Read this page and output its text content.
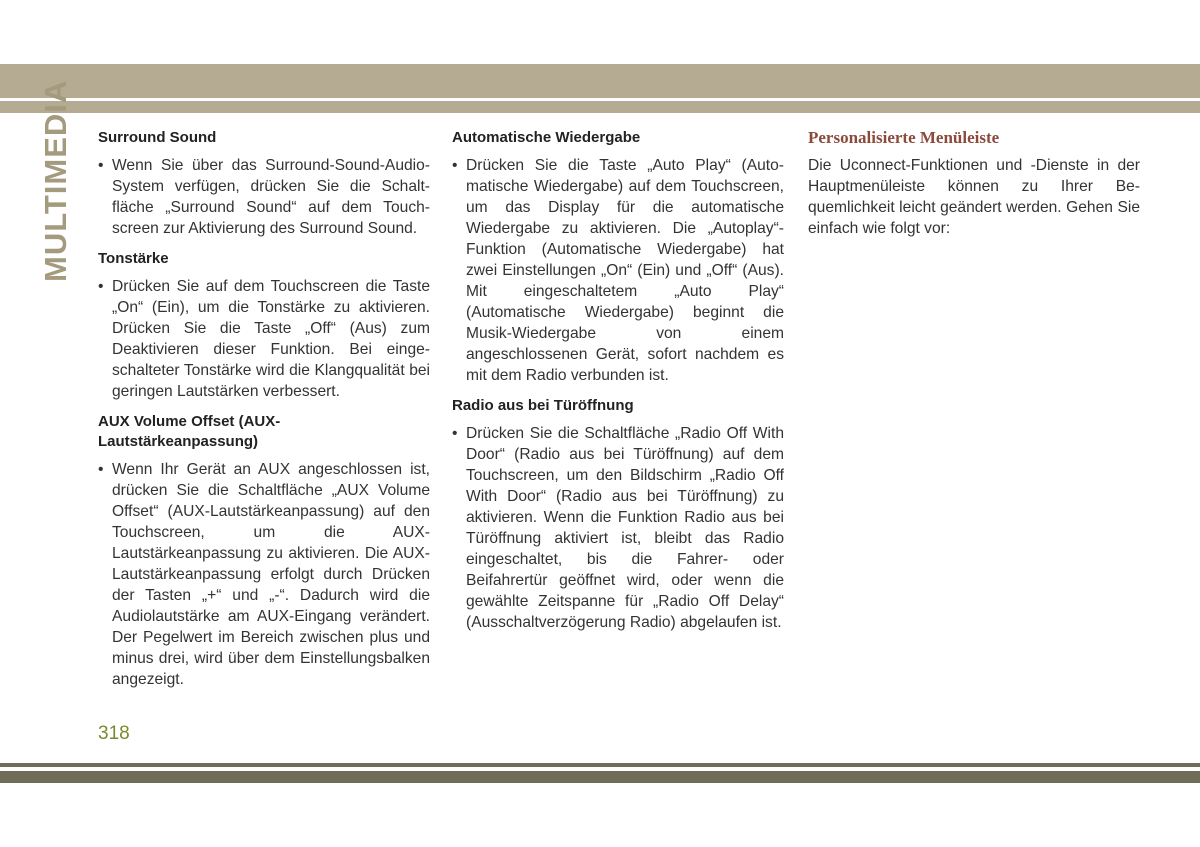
MULTIMEDIA Surround Sound
• Wenn Sie über das Surround-Sound-Audio-System verfügen, drücken Sie die Schaltfläche „Surround Sound“ auf dem Touchscreen zur Aktivierung des Surround Sound.
Tonstärke
• Drücken Sie auf dem Touchscreen die Taste „On“ (Ein), um die Tonstärke zu aktivieren. Drücken Sie die Taste „Off“ (Aus) zum Deaktivieren dieser Funktion. Bei eingeschalteter Tonstärke wird die Klangqualität bei geringen Lautstärken verbessert.
AUX Volume Offset (AUX-Lautstärkeanpassung)
• Wenn Ihr Gerät an AUX angeschlossen ist, drücken Sie die Schaltfläche „AUX Volume Offset“ (AUX-Lautstärkeanpassung) auf den Touchscreen, um die AUX-Lautstärkeanpassung zu aktivieren. Die AUX-Lautstärkeanpassung erfolgt durch Drücken der Tasten „+“ und „-“. Dadurch wird die Audiolautstärke am AUX-Eingang verändert. Der Pegelwert im Bereich zwischen plus und minus drei, wird über dem Einstellungsbalken angezeigt.
Automatische Wiedergabe
• Drücken Sie die Taste „Auto Play“ (Automatische Wiedergabe) auf dem Touchscreen, um das Display für die automatische Wiedergabe zu aktivieren. Die „Autoplay“-Funktion (Automatische Wiedergabe) hat zwei Einstellungen „On“ (Ein) und „Off“ (Aus). Mit eingeschaltetem „Auto Play“ (Automatische Wiedergabe) beginnt die Musik-Wiedergabe von einem angeschlossenen Gerät, sofort nachdem es mit dem Radio verbunden ist.
Radio aus bei Türöffnung
• Drücken Sie die Schaltfläche „Radio Off With Door“ (Radio aus bei Türöffnung) auf dem Touchscreen, um den Bildschirm „Radio Off With Door“ (Radio aus bei Türöffnung) zu aktivieren. Wenn die Funktion Radio aus bei Türöffnung aktiviert ist, bleibt das Radio eingeschaltet, bis die Fahrer- oder Beifahrertür geöffnet wird, oder wenn die gewählte Zeitspanne für „Radio Off Delay“ (Ausschaltverzögerung Radio) abgelaufen ist.
Personalisierte Menüleiste
Die Uconnect-Funktionen und -Dienste in der Hauptmenüleiste können zu Ihrer Bequemlichkeit leicht geändert werden. Gehen Sie einfach wie folgt vor:
318
